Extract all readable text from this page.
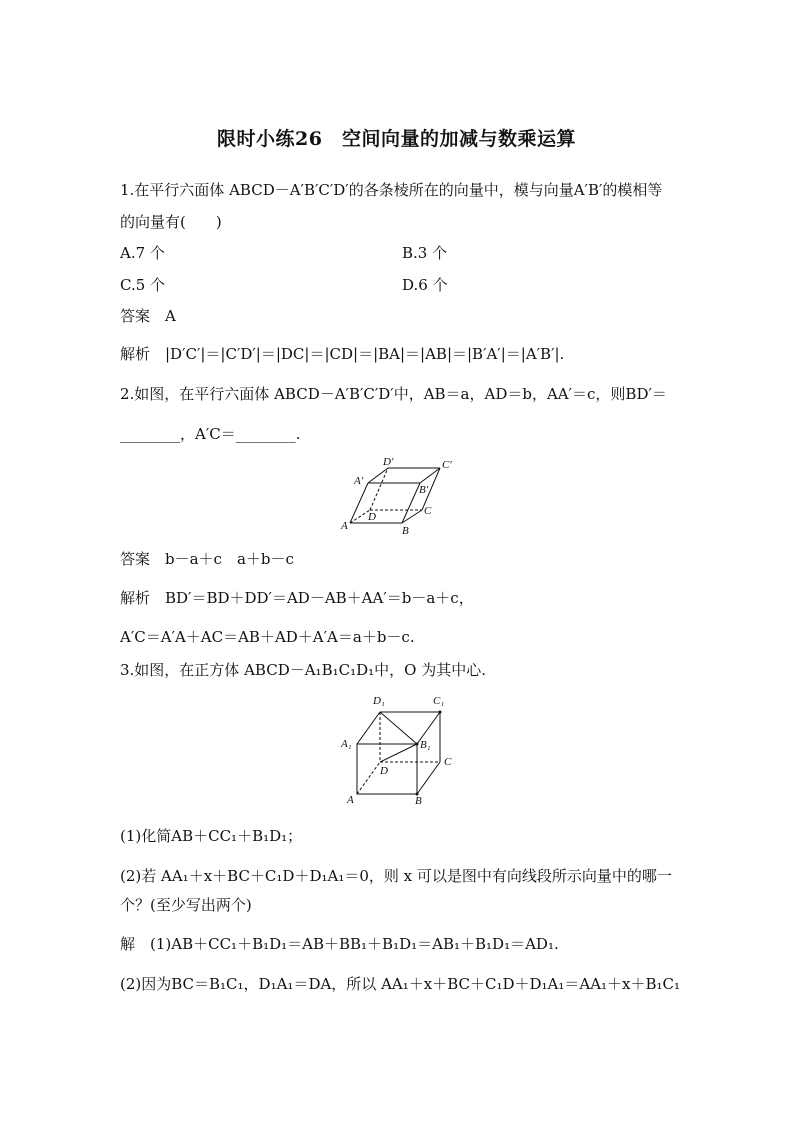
限时小练26　空间向量的加减与数乘运算
1.在平行六面体 ABCD－A′B′C′D′的各条棱所在的向量中，模与向量A′B′的模相等
的向量有(　　)
A.7 个	B.3 个
C.5 个	D.6 个
答案　A
解析　|D′C′|＝|C′D′|＝|DC|＝|CD|＝|BA|＝|AB|＝|B′A′|＝|A′B′|.
2.如图，在平行六面体 ABCD－A′B′C′D′中，AB＝a，AD＝b，AA′＝c，则BD′＝
________，A′C＝________.
D′	C′
A′
B′
D	C
A	B
答案　b－a＋c　a＋b－c
解析　BD′＝BD＋DD′＝AD－AB＋AA′＝b－a＋c，
A′C＝A′A＋AC＝AB＋AD＋A′A＝a＋b－c.
3.如图，在正方体 ABCD－A₁B₁C₁D₁中，O 为其中心.
D₁	C₁
A₁	B₁
D
C
A	B
(1)化简AB＋CC₁＋B₁D₁；
(2)若 AA₁＋x＋BC＋C₁D＋D₁A₁＝0，则 x 可以是图中有向线段所示向量中的哪一
个？(至少写出两个)
解　(1)AB＋CC₁＋B₁D₁＝AB＋BB₁＋B₁D₁＝AB₁＋B₁D₁＝AD₁.
(2)因为BC＝B₁C₁，D₁A₁＝DA，所以 AA₁＋x＋BC＋C₁D＋D₁A₁＝AA₁＋x＋B₁C₁
